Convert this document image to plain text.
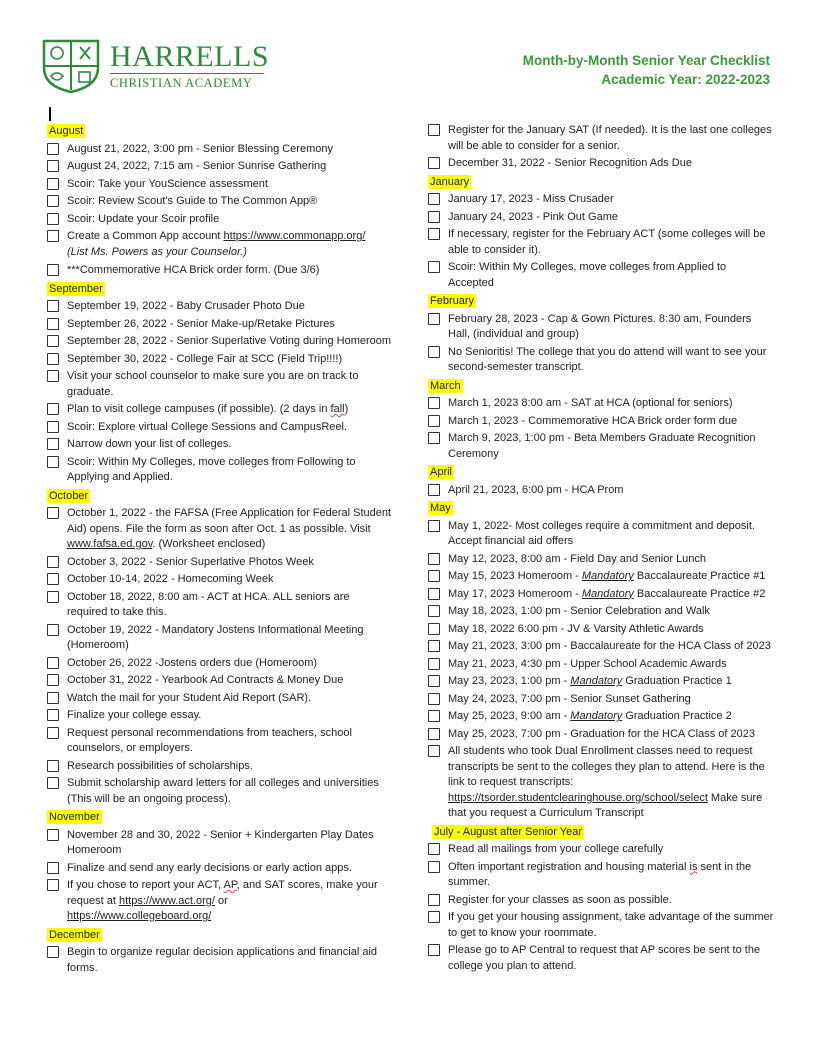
HARRELLS
CHRISTIAN ACADEMY
Month-by-Month Senior Year Checklist
Academic Year: 2022-2023
August
August 21, 2022, 3:00 pm - Senior Blessing Ceremony
August 24, 2022, 7:15 am - Senior Sunrise Gathering
Scoir: Take your YouScience assessment
Scoir: Review Scout's Guide to The Common App®
Scoir: Update your Scoir profile
Create a Common App account https://www.commonapp.org/
(List Ms. Powers as your Counselor.)
***Commemorative HCA Brick order form. (Due 3/6)
September
September 19, 2022 - Baby Crusader Photo Due
September 26, 2022 - Senior Make-up/Retake Pictures
September 28, 2022 - Senior Superlative Voting during Homeroom
September 30, 2022 - College Fair at SCC (Field Trip!!!!)
Visit your school counselor to make sure you are on track to graduate.
Plan to visit college campuses (if possible). (2 days in fall)
Scoir: Explore virtual College Sessions and CampusReel.
Narrow down your list of colleges.
Scoir: Within My Colleges, move colleges from Following to Applying and Applied.
October
October 1, 2022 - the FAFSA (Free Application for Federal Student Aid) opens. File the form as soon after Oct. 1 as possible. Visit www.fafsa.ed.gov. (Worksheet enclosed)
October 3, 2022 - Senior Superlative Photos Week
October 10-14, 2022 - Homecoming Week
October 18, 2022, 8:00 am - ACT at HCA. ALL seniors are required to take this.
October 19, 2022 - Mandatory Jostens Informational Meeting (Homeroom)
October 26, 2022 -Jostens orders due (Homeroom)
October 31, 2022 - Yearbook Ad Contracts & Money Due
Watch the mail for your Student Aid Report (SAR).
Finalize your college essay.
Request personal recommendations from teachers, school counselors, or employers.
Research possibilities of scholarships.
Submit scholarship award letters for all colleges and universities (This will be an ongoing process).
November
November 28 and 30, 2022 - Senior + Kindergarten Play Dates Homeroom
Finalize and send any early decisions or early action apps.
If you chose to report your ACT, AP, and SAT scores, make your request at https://www.act.org/ or
https://www.collegeboard.org/
December
Begin to organize regular decision applications and financial aid forms.
Register for the January SAT (If needed). It is the last one colleges will be able to consider for a senior.
December 31, 2022 - Senior Recognition Ads Due
January
January 17, 2023 - Miss Crusader
January 24, 2023 - Pink Out Game
If necessary, register for the February ACT (some colleges will be able to consider it).
Scoir: Within My Colleges, move colleges from Applied to Accepted
February
February 28, 2023 - Cap & Gown Pictures. 8:30 am, Founders Hall, (individual and group)
No Senioritis! The college that you do attend will want to see your second-semester transcript.
March
March 1, 2023 8:00 am - SAT at HCA (optional for seniors)
March 1, 2023 - Commemorative HCA Brick order form due
March 9, 2023, 1:00 pm - Beta Members Graduate Recognition Ceremony
April
April 21, 2023, 6:00 pm - HCA Prom
May
May 1, 2022- Most colleges require a commitment and deposit. Accept financial aid offers
May 12, 2023, 8:00 am - Field Day and Senior Lunch
May 15, 2023 Homeroom - Mandatory Baccalaureate Practice #1
May 17, 2023 Homeroom - Mandatory Baccalaureate Practice #2
May 18, 2023, 1:00 pm - Senior Celebration and Walk
May 18, 2022 6:00 pm - JV & Varsity Athletic Awards
May 21, 2023, 3:00 pm - Baccalaureate for the HCA Class of 2023
May 21, 2023, 4:30 pm - Upper School Academic Awards
May 23, 2023, 1:00 pm - Mandatory Graduation Practice 1
May 24, 2023, 7:00 pm - Senior Sunset Gathering
May 25, 2023, 9:00 am - Mandatory Graduation Practice 2
May 25, 2023, 7:00 pm - Graduation for the HCA Class of 2023
All students who took Dual Enrollment classes need to request transcripts be sent to the colleges they plan to attend. Here is the link to request transcripts: https://tsorder.studentclearinghouse.org/school/select Make sure that you request a Curriculum Transcript
July - August after Senior Year
Read all mailings from your college carefully
Often important registration and housing material is sent in the summer.
Register for your classes as soon as possible.
If you get your housing assignment, take advantage of the summer to get to know your roommate.
Please go to AP Central to request that AP scores be sent to the college you plan to attend.
